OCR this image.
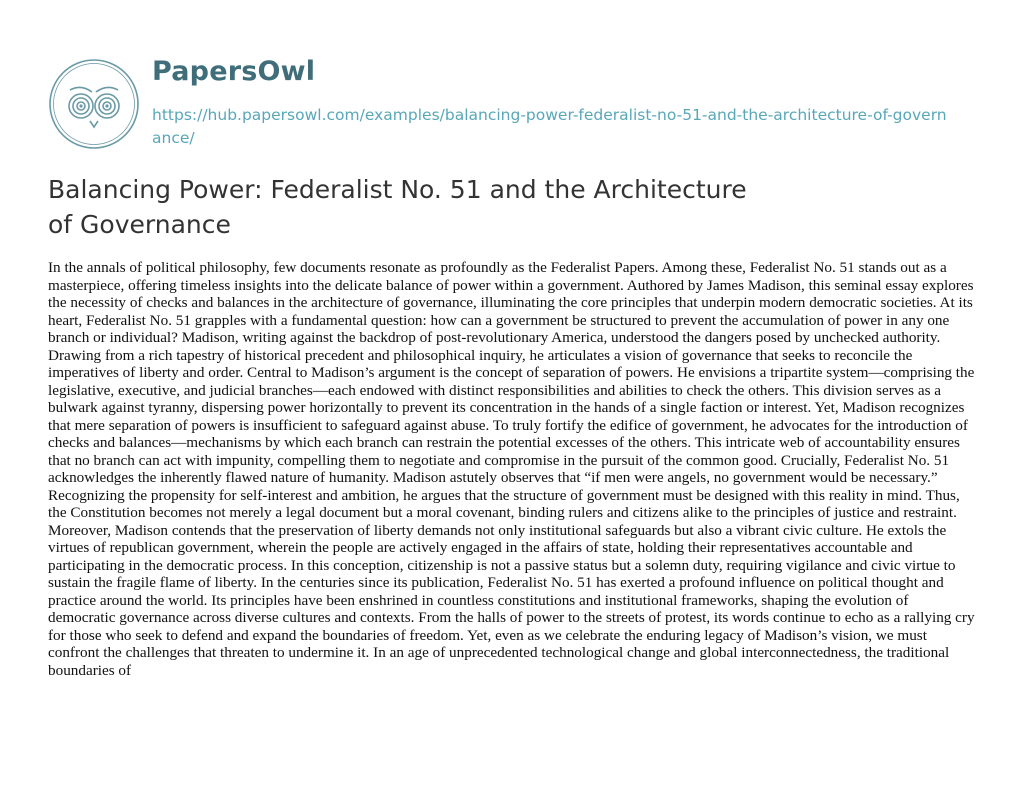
PapersOwl
https://hub.papersowl.com/examples/balancing-power-federalist-no-51-and-the-architecture-of-governance/
Balancing Power: Federalist No. 51 and the Architecture of Governance

In the annals of political philosophy, few documents resonate as profoundly as the Federalist Papers. Among these, Federalist No. 51 stands out as a masterpiece, offering timeless insights into the delicate balance of power within a government. Authored by James Madison, this seminal essay explores the necessity of checks and balances in the architecture of governance, illuminating the core principles that underpin modern democratic societies. At its heart, Federalist No. 51 grapples with a fundamental question: how can a government be structured to prevent the accumulation of power in any one branch or individual? Madison, writing against the backdrop of post-revolutionary America, understood the dangers posed by unchecked authority. Drawing from a rich tapestry of historical precedent and philosophical inquiry, he articulates a vision of governance that seeks to reconcile the imperatives of liberty and order. Central to Madison’s argument is the concept of separation of powers. He envisions a tripartite system—comprising the legislative, executive, and judicial branches—each endowed with distinct responsibilities and abilities to check the others. This division serves as a bulwark against tyranny, dispersing power horizontally to prevent its concentration in the hands of a single faction or interest. Yet, Madison recognizes that mere separation of powers is insufficient to safeguard against abuse. To truly fortify the edifice of government, he advocates for the introduction of checks and balances—mechanisms by which each branch can restrain the potential excesses of the others. This intricate web of accountability ensures that no branch can act with impunity, compelling them to negotiate and compromise in the pursuit of the common good. Crucially, Federalist No. 51 acknowledges the inherently flawed nature of humanity. Madison astutely observes that “if men were angels, no government would be necessary.” Recognizing the propensity for self-interest and ambition, he argues that the structure of government must be designed with this reality in mind. Thus, the Constitution becomes not merely a legal document but a moral covenant, binding rulers and citizens alike to the principles of justice and restraint. Moreover, Madison contends that the preservation of liberty demands not only institutional safeguards but also a vibrant civic culture. He extols the virtues of republican government, wherein the people are actively engaged in the affairs of state, holding their representatives accountable and participating in the democratic process. In this conception, citizenship is not a passive status but a solemn duty, requiring vigilance and civic virtue to sustain the fragile flame of liberty. In the centuries since its publication, Federalist No. 51 has exerted a profound influence on political thought and practice around the world. Its principles have been enshrined in countless constitutions and institutional frameworks, shaping the evolution of democratic governance across diverse cultures and contexts. From the halls of power to the streets of protest, its words continue to echo as a rallying cry for those who seek to defend and expand the boundaries of freedom. Yet, even as we celebrate the enduring legacy of Madison’s vision, we must confront the challenges that threaten to undermine it. In an age of unprecedented technological change and global interconnectedness, the traditional boundaries of
